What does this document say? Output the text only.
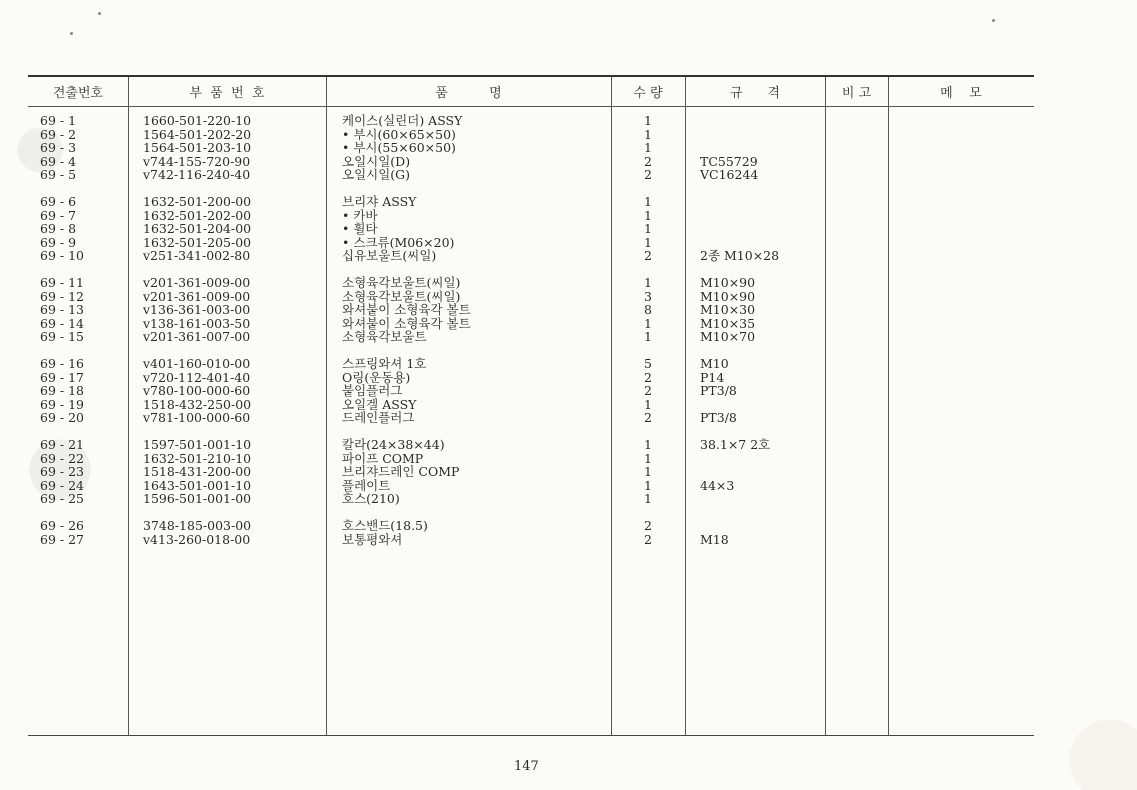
견출번호	부  품  번  호	품          명	수 량	규      격	비 고	메    모
69 - 1	1660-501-220-10	케이스(실린더) ASSY	1
69 - 2	1564-501-202-20	• 부시(60×65×50)	1
69 - 3	1564-501-203-10	• 부시(55×60×50)	1
69 - 4	v744-155-720-90	오일시일(D)	2	TC55729
69 - 5	v742-116-240-40	오일시일(G)	2	VC16244
69 - 6	1632-501-200-00	브리쟈 ASSY	1
69 - 7	1632-501-202-00	• 카바	1
69 - 8	1632-501-204-00	• 휠타	1
69 - 9	1632-501-205-00	• 스크류(M06×20)	1
69 - 10	v251-341-002-80	십유보울트(씨일)	2	2종 M10×28
69 - 11	v201-361-009-00	소형육각보울트(씨일)	1	M10×90
69 - 12	v201-361-009-00	소형육각보울트(씨일)	3	M10×90
69 - 13	v136-361-003-00	와셔붙이 소형육각 볼트	8	M10×30
69 - 14	v138-161-003-50	와셔붙이 소형육각 볼트	1	M10×35
69 - 15	v201-361-007-00	소형육각보울트	1	M10×70
69 - 16	v401-160-010-00	스프링와셔 1호	5	M10
69 - 17	v720-112-401-40	O링(운동용)	2	P14
69 - 18	v780-100-000-60	붙임플러그	2	PT3/8
69 - 19	1518-432-250-00	오일겔 ASSY	1
69 - 20	v781-100-000-60	드레인플러그	2	PT3/8
69 - 21	1597-501-001-10	칼라(24×38×44)	1	38.1×7 2호
69 - 22	1632-501-210-10	파이프 COMP	1
69 - 23	1518-431-200-00	브리쟈드레인 COMP	1
69 - 24	1643-501-001-10	플레이트	1	44×3
69 - 25	1596-501-001-00	호스(210)	1
69 - 26	3748-185-003-00	호스밴드(18.5)	2
69 - 27	v413-260-018-00	보통평와셔	2	M18
147
